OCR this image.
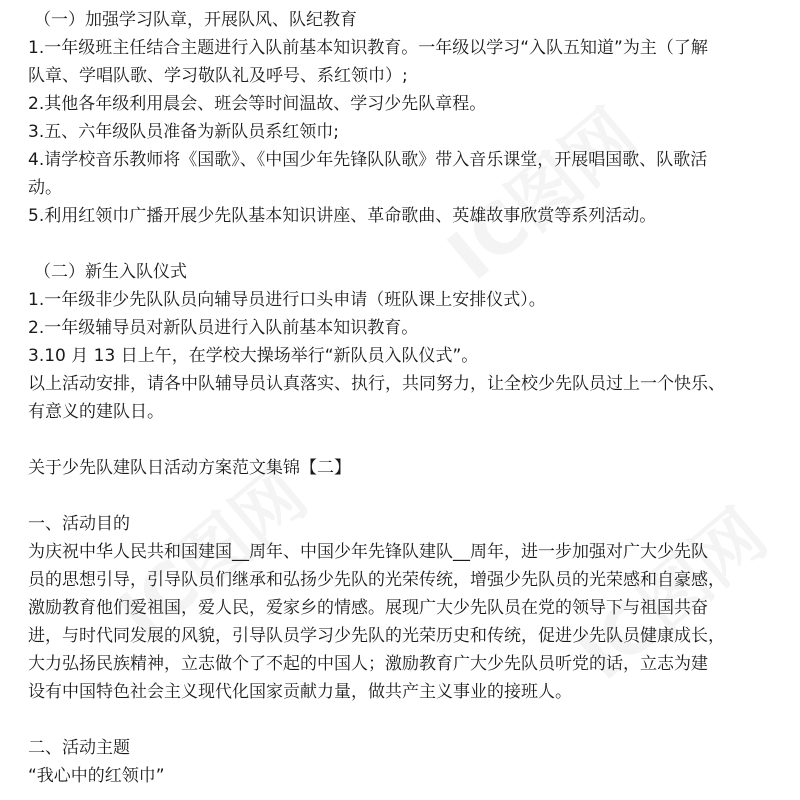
（一）加强学习队章，开展队风、队纪教育
1.一年级班主任结合主题进行入队前基本知识教育。一年级以学习“入队五知道”为主（了解
队章、学唱队歌、学习敬队礼及呼号、系红领巾）;
2.其他各年级利用晨会、班会等时间温故、学习少先队章程。
3.五、六年级队员准备为新队员系红领巾;
4.请学校音乐教师将《国歌》、《中国少年先锋队队歌》带入音乐课堂，开展唱国歌、队歌活
动。
5.利用红领巾广播开展少先队基本知识讲座、革命歌曲、英雄故事欣赏等系列活动。
（二）新生入队仪式
1.一年级非少先队队员向辅导员进行口头申请（班队课上安排仪式）。
2.一年级辅导员对新队员进行入队前基本知识教育。
3.10 月 13 日上午，在学校大操场举行“新队员入队仪式”。
以上活动安排，请各中队辅导员认真落实、执行，共同努力，让全校少先队员过上一个快乐、
有意义的建队日。
关于少先队建队日活动方案范文集锦【二】
一、活动目的
为庆祝中华人民共和国建国__周年、中国少年先锋队建队__周年，进一步加强对广大少先队
员的思想引导，引导队员们继承和弘扬少先队的光荣传统，增强少先队员的光荣感和自豪感，
激励教育他们爱祖国，爱人民，爱家乡的情感。展现广大少先队员在党的领导下与祖国共奋
进，与时代同发展的风貌，引导队员学习少先队的光荣历史和传统，促进少先队员健康成长，
大力弘扬民族精神，立志做个了不起的中国人；激励教育广大少先队员听党的话，立志为建
设有中国特色社会主义现代化国家贡献力量，做共产主义事业的接班人。
二、活动主题
“我心中的红领巾”
